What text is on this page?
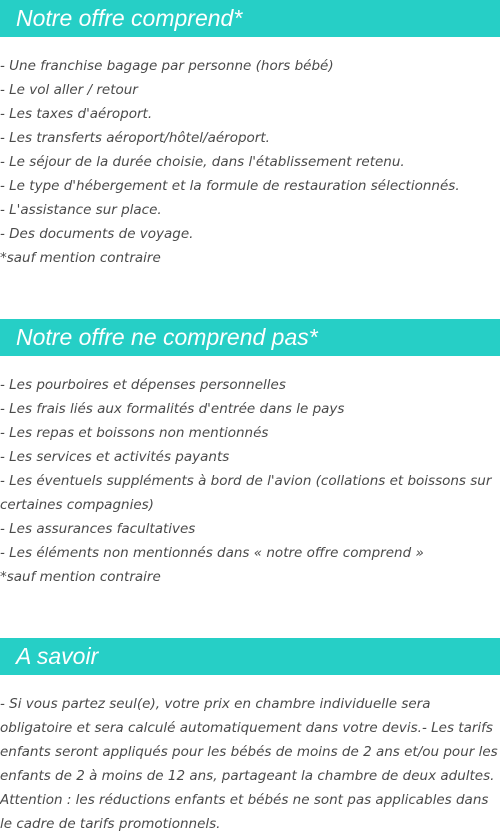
Notre offre comprend*
- Une franchise bagage par personne (hors bébé)
- Le vol aller / retour
- Les taxes d'aéroport.
- Les transferts aéroport/hôtel/aéroport.
- Le séjour de la durée choisie, dans l'établissement retenu.
- Le type d'hébergement et la formule de restauration sélectionnés.
- L'assistance sur place.
- Des documents de voyage.
*sauf mention contraire
Notre offre ne comprend pas*
- Les pourboires et dépenses personnelles
- Les frais liés aux formalités d'entrée dans le pays
- Les repas et boissons non mentionnés
- Les services et activités payants
- Les éventuels suppléments à bord de l'avion (collations et boissons sur certaines compagnies)
- Les assurances facultatives
- Les éléments non mentionnés dans « notre offre comprend »
*sauf mention contraire
A savoir

- Si vous partez seul(e), votre prix en chambre individuelle sera obligatoire et sera calculé automatiquement dans votre devis.- Les tarifs enfants seront appliqués pour les bébés de moins de 2 ans et/ou pour les enfants de 2 à moins de 12 ans, partageant la chambre de deux adultes. Attention : les réductions enfants et bébés ne sont pas applicables dans le cadre de tarifs promotionnels.
